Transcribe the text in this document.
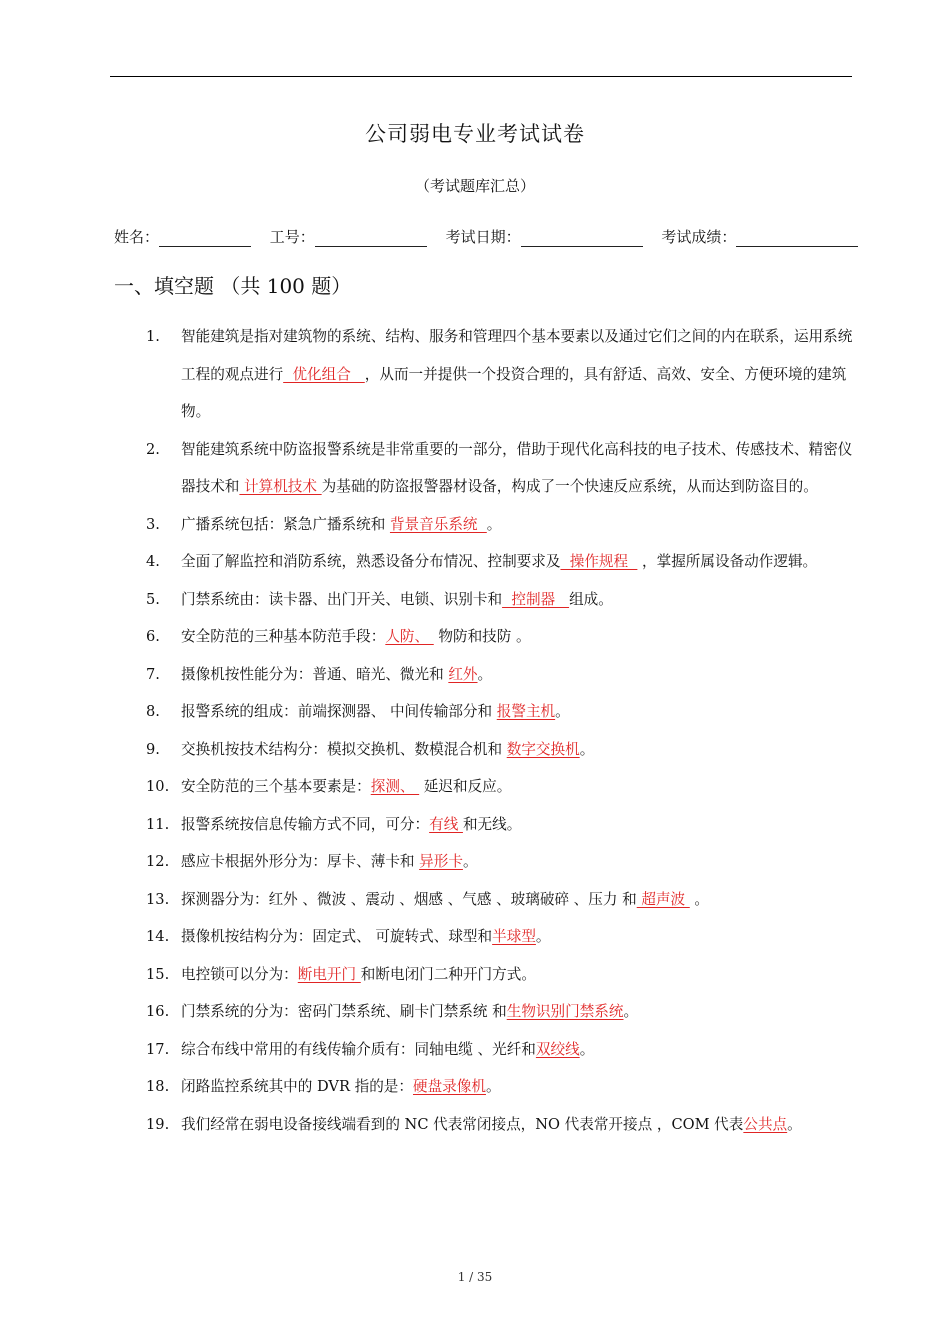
公司弱电专业考试试卷
（考试题库汇总）
姓名：	工号：	考试日期：	考试成绩：
一、填空题 （共 100 题）
1. 智能建筑是指对建筑物的系统、结构、服务和管理四个基本要素以及通过它们之间的内在联系，运用系统工程的观点进行  优化组合   ，从而一并提供一个投资合理的，具有舒适、高效、安全、方便环境的建筑物。
2. 智能建筑系统中防盗报警系统是非常重要的一部分，借助于现代化高科技的电子技术、传感技术、精密仪器技术和 计算机技术 为基础的防盗报警器材设备，构成了一个快速反应系统，从而达到防盗目的。
3. 广播系统包括：紧急广播系统和 背景音乐系统  。
4. 全面了解监控和消防系统，熟悉设备分布情况、控制要求及  操作规程   ，掌握所属设备动作逻辑。
5. 门禁系统由：读卡器、出门开关、电锁、识别卡和  控制器   组成。
6. 安全防范的三种基本防范手段：人防、  物防和技防 。
7. 摄像机按性能分为：普通、暗光、微光和 红外。
8. 报警系统的组成：前端探测器、 中间传输部分和 报警主机。
9. 交换机按技术结构分：模拟交换机、数模混合机和 数字交换机。
10. 安全防范的三个基本要素是：探测、  延迟和反应。
11. 报警系统按信息传输方式不同，可分：有线 和无线。
12. 感应卡根据外形分为：厚卡、薄卡和 异形卡。
13. 探测器分为：红外 、微波 、震动 、烟感 、气感 、玻璃破碎 、压力 和 超声波  。
14. 摄像机按结构分为：固定式、 可旋转式、球型和半球型。
15. 电控锁可以分为：断电开门 和断电闭门二种开门方式。
16. 门禁系统的分为：密码门禁系统、刷卡门禁系统 和生物识别门禁系统。
17. 综合布线中常用的有线传输介质有：同轴电缆 、光纤和双绞线。
18. 闭路监控系统其中的 DVR 指的是：硬盘录像机。
19. 我们经常在弱电设备接线端看到的 NC 代表常闭接点，NO 代表常开接点 ，COM 代表公共点。
1 / 35
